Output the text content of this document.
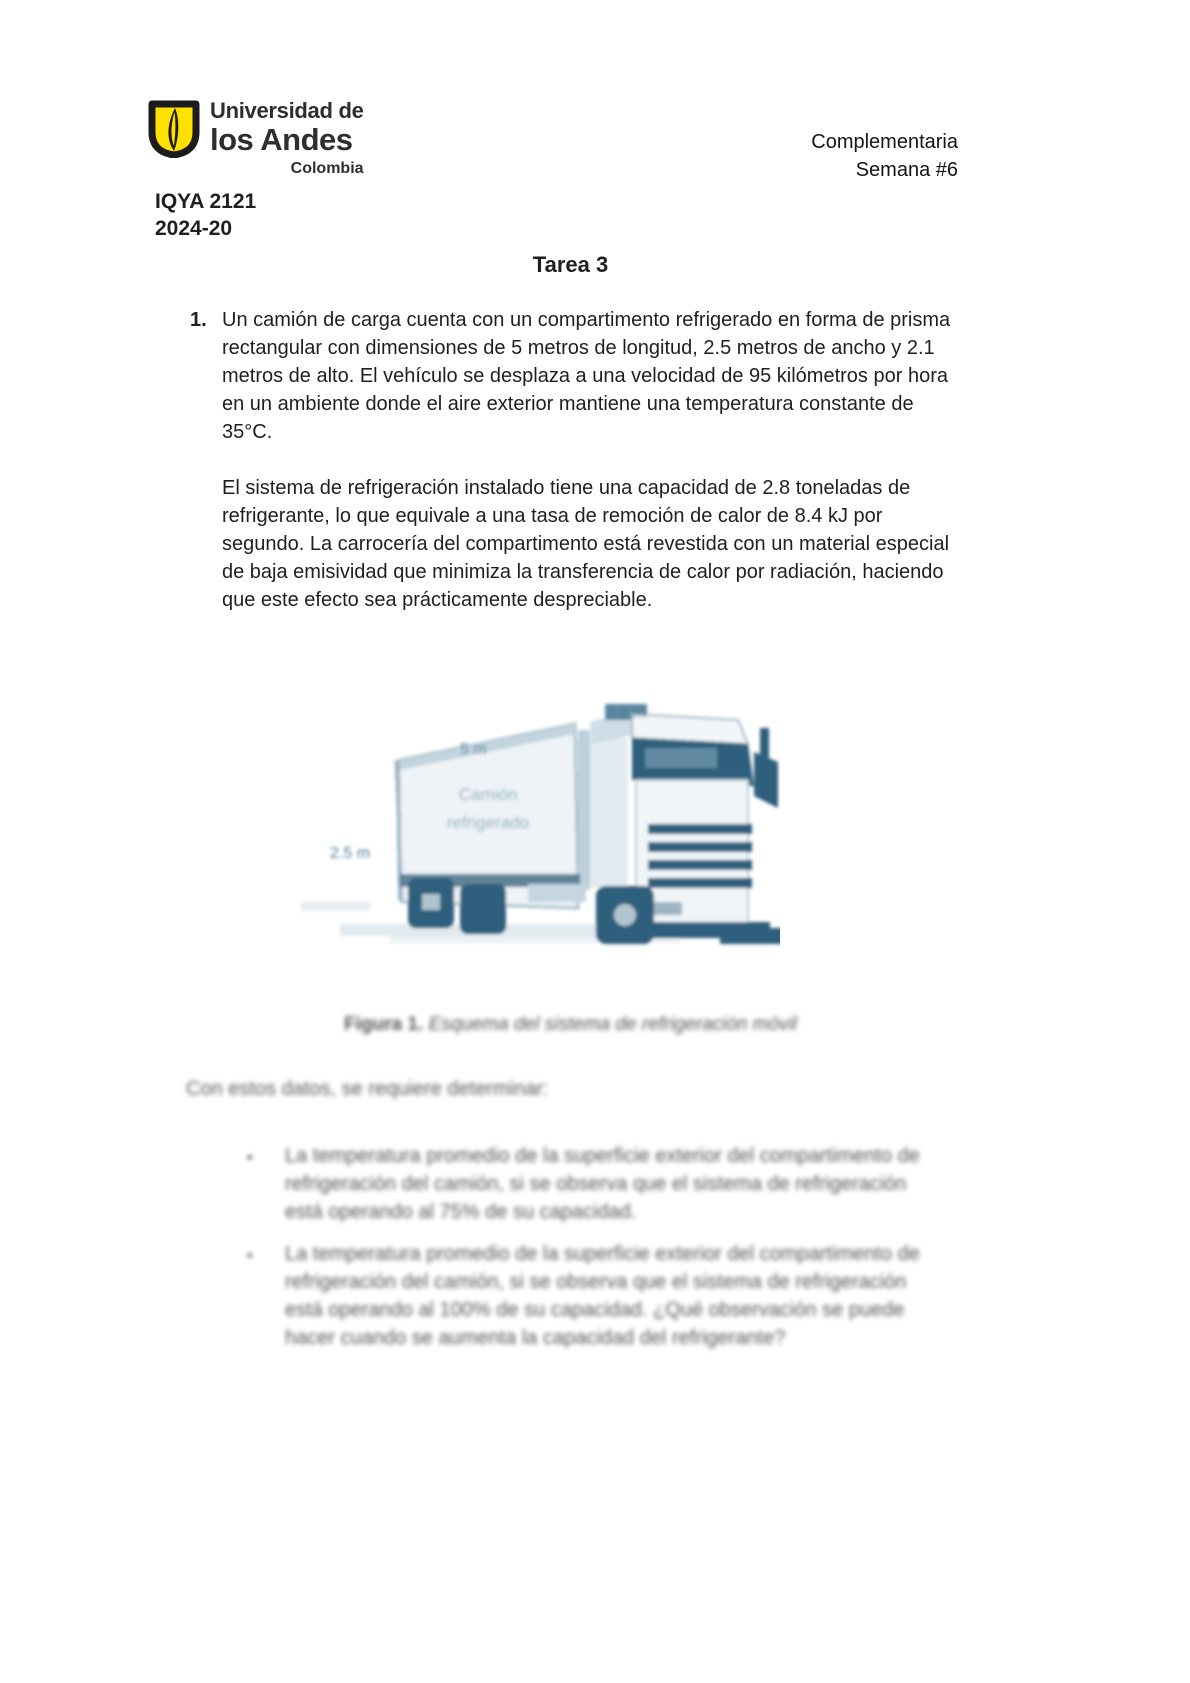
Universidad de
los Andes
Colombia
IQYA 2121
2024-20
Complementaria
Semana #6
Tarea 3
1. Un camión de carga cuenta con un compartimento refrigerado en forma de prisma rectangular con dimensiones de 5 metros de longitud, 2.5 metros de ancho y 2.1 metros de alto. El vehículo se desplaza a una velocidad de 95 kilómetros por hora en un ambiente donde el aire exterior mantiene una temperatura constante de 35°C.
El sistema de refrigeración instalado tiene una capacidad de 2.8 toneladas de refrigerante, lo que equivale a una tasa de remoción de calor de 8.4 kJ por segundo. La carrocería del compartimento está revestida con un material especial de baja emisividad que minimiza la transferencia de calor por radiación, haciendo que este efecto sea prácticamente despreciable.
Camión
refrigerado
2.1 m
5 m
2.5 m
Figura 1. Esquema del sistema de refrigeración móvil
Con estos datos, se requiere determinar:
▪	La temperatura promedio de la superficie exterior del compartimento de refrigeración del camión, si se observa que el sistema de refrigeración está operando al 75% de su capacidad.
▪	La temperatura promedio de la superficie exterior del compartimento de refrigeración del camión, si se observa que el sistema de refrigeración está operando al 100% de su capacidad. ¿Qué observación se puede hacer cuando se aumenta la capacidad del refrigerante?
